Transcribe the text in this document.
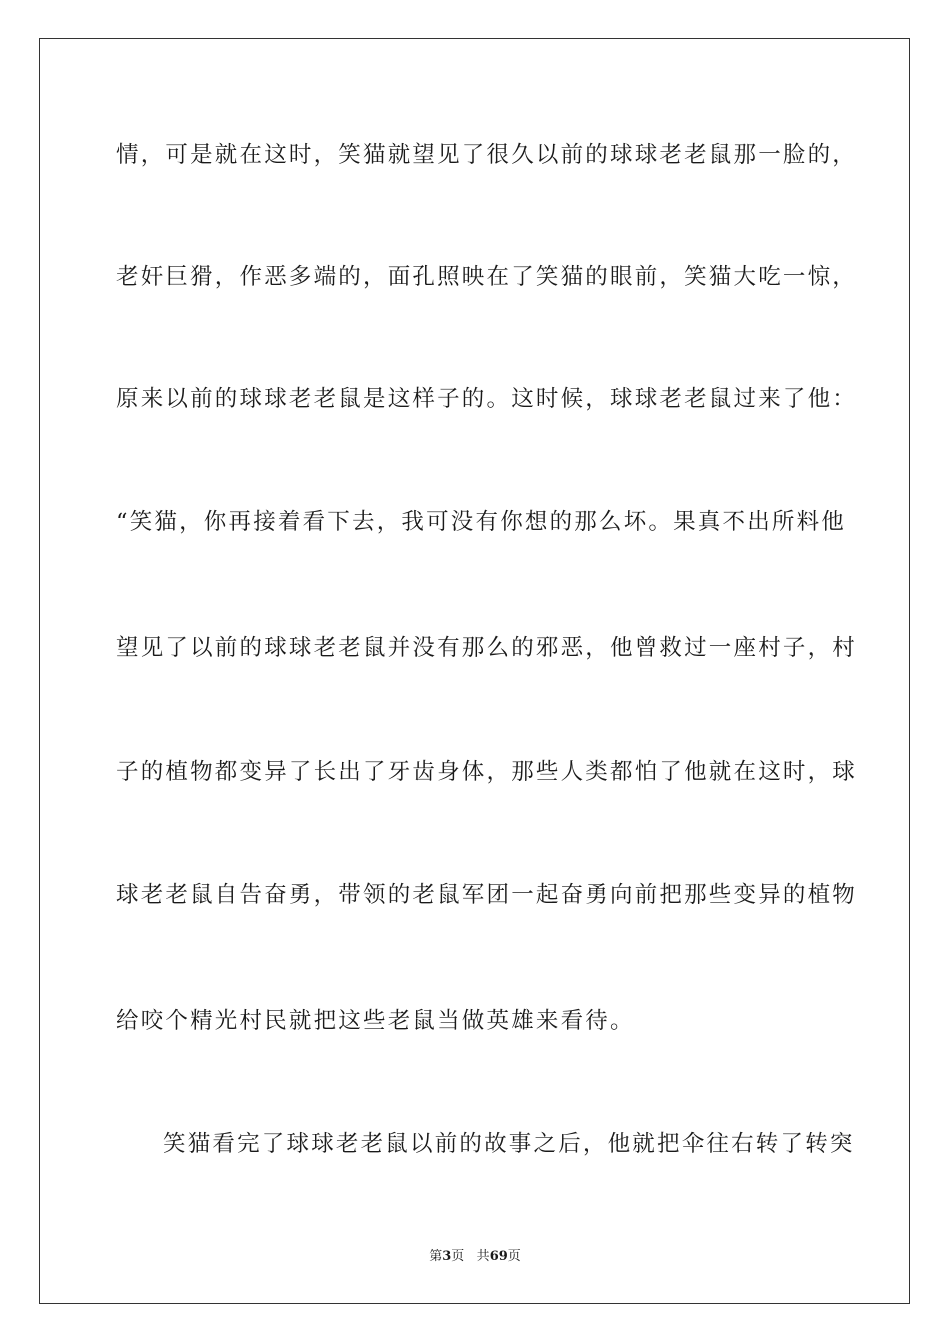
情，可是就在这时，笑猫就望见了很久以前的球球老老鼠那一脸的，
老奸巨猾，作恶多端的，面孔照映在了笑猫的眼前，笑猫大吃一惊，
原来以前的球球老老鼠是这样子的。这时候，球球老老鼠过来了他：
“笑猫，你再接着看下去，我可没有你想的那么坏。果真不出所料他
望见了以前的球球老老鼠并没有那么的邪恶，他曾救过一座村子，村
子的植物都变异了长出了牙齿身体，那些人类都怕了他就在这时，球
球老老鼠自告奋勇，带领的老鼠军团一起奋勇向前把那些变异的植物
给咬个精光村民就把这些老鼠当做英雄来看待。
笑猫看完了球球老老鼠以前的故事之后，他就把伞往右转了转突
第3页 共69页
